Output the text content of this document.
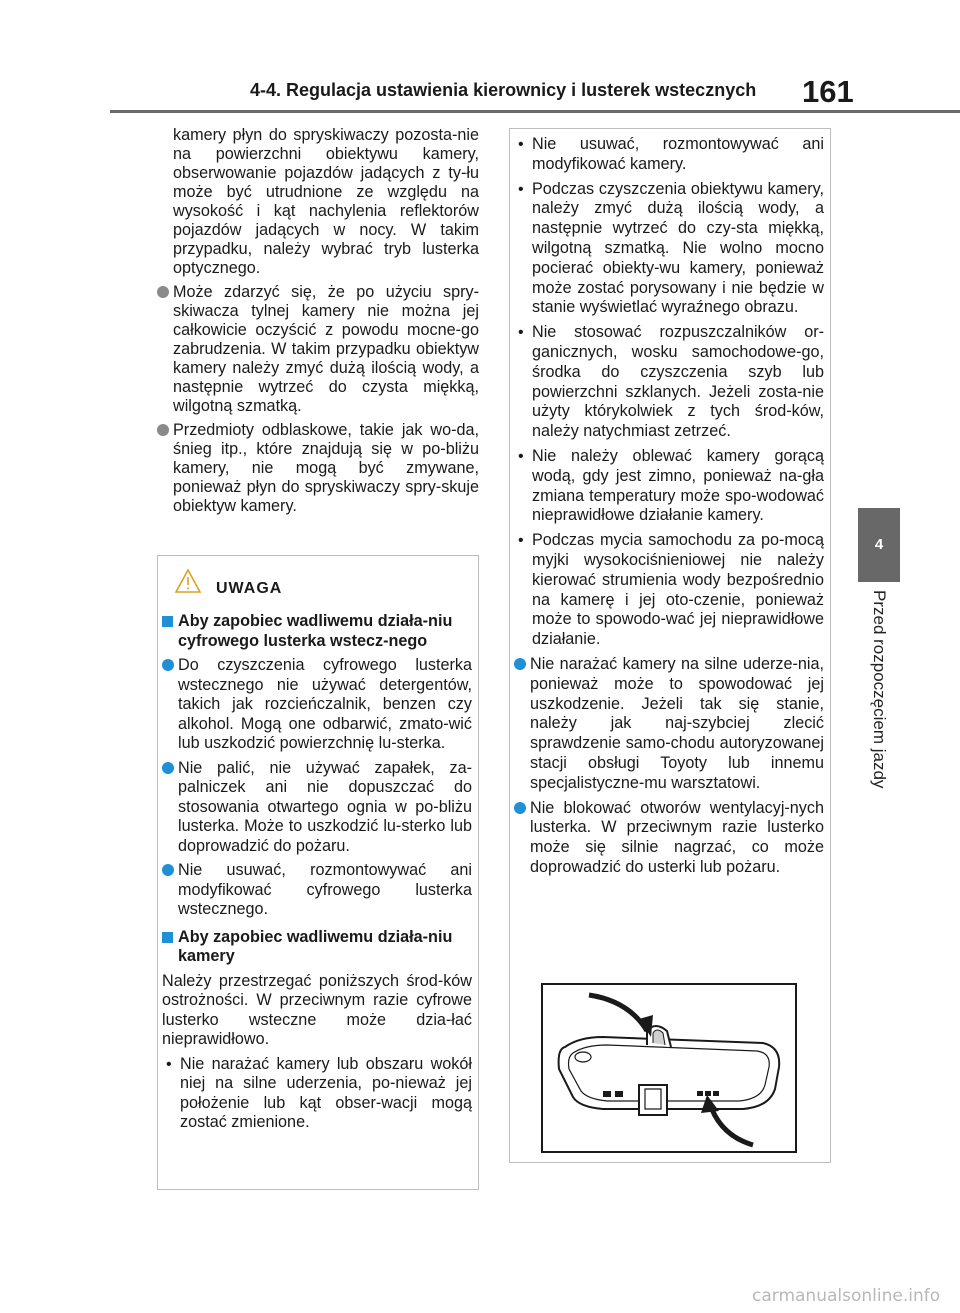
4-4. Regulacja ustawienia kierownicy i lusterek wstecznych 161
4
Przed rozpoczęciem jazdy

kamery płyn do spryskiwaczy pozosta-nie na powierzchni obiektywu kamery, obserwowanie pojazdów jadących z ty-łu może być utrudnione ze względu na wysokość i kąt nachylenia reflektorów pojazdów jadących w nocy. W takim przypadku, należy wybrać tryb lusterka optycznego.

Może zdarzyć się, że po użyciu spry-skiwacza tylnej kamery nie można jej całkowicie oczyścić z powodu mocne-go zabrudzenia. W takim przypadku obiektyw kamery należy zmyć dużą ilością wody, a następnie wytrzeć do czysta miękką, wilgotną szmatką.

Przedmioty odblaskowe, takie jak wo-da, śnieg itp., które znajdują się w po-bliżu kamery, nie mogą być zmywane, ponieważ płyn do spryskiwaczy spry-skuje obiektyw kamery.

UWAGA

Aby zapobiec wadliwemu działa-niu cyfrowego lusterka wstecz-nego

Do czyszczenia cyfrowego lusterka wstecznego nie używać detergentów, takich jak rozcieńczalnik, benzen czy alkohol. Mogą one odbarwić, zmato-wić lub uszkodzić powierzchnię lu-sterka.

Nie palić, nie używać zapałek, za-palniczek ani nie dopuszczać do stosowania otwartego ognia w po-bliżu lusterka. Może to uszkodzić lu-sterko lub doprowadzić do pożaru.

Nie usuwać, rozmontowywać ani modyfikować cyfrowego lusterka wstecznego.

Aby zapobiec wadliwemu działa-niu kamery

Należy przestrzegać poniższych środ-ków ostrożności. W przeciwnym razie cyfrowe lusterko wsteczne może dzia-łać nieprawidłowo.

• Nie narażać kamery lub obszaru wokół niej na silne uderzenia, po-nieważ jej położenie lub kąt obser-wacji mogą zostać zmienione.

• Nie usuwać, rozmontowywać ani modyfikować kamery.

• Podczas czyszczenia obiektywu kamery, należy zmyć dużą ilością wody, a następnie wytrzeć do czy-sta miękką, wilgotną szmatką. Nie wolno mocno pocierać obiekty-wu kamery, ponieważ może zostać porysowany i nie będzie w stanie wyświetlać wyraźnego obrazu.

• Nie stosować rozpuszczalników or-ganicznych, wosku samochodowe-go, środka do czyszczenia szyb lub powierzchni szklanych. Jeżeli zosta-nie użyty którykolwiek z tych środ-ków, należy natychmiast zetrzeć.

• Nie należy oblewać kamery gorącą wodą, gdy jest zimno, ponieważ na-gła zmiana temperatury może spo-wodować nieprawidłowe działanie kamery.

• Podczas mycia samochodu za po-mocą myjki wysokociśnieniowej nie należy kierować strumienia wody bezpośrednio na kamerę i jej oto-czenie, ponieważ może to spowodo-wać jej nieprawidłowe działanie.

Nie narażać kamery na silne uderze-nia, ponieważ może to spowodować jej uszkodzenie. Jeżeli tak się stanie, należy jak naj-szybciej zlecić sprawdzenie samo-chodu autoryzowanej stacji obsługi Toyoty lub innemu specjalistyczne-mu warsztatowi.

Nie blokować otworów wentylacyj-nych lusterka. W przeciwnym razie lusterko może się silnie nagrzać, co może doprowadzić do usterki lub pożaru.

carmanualsonline.info
